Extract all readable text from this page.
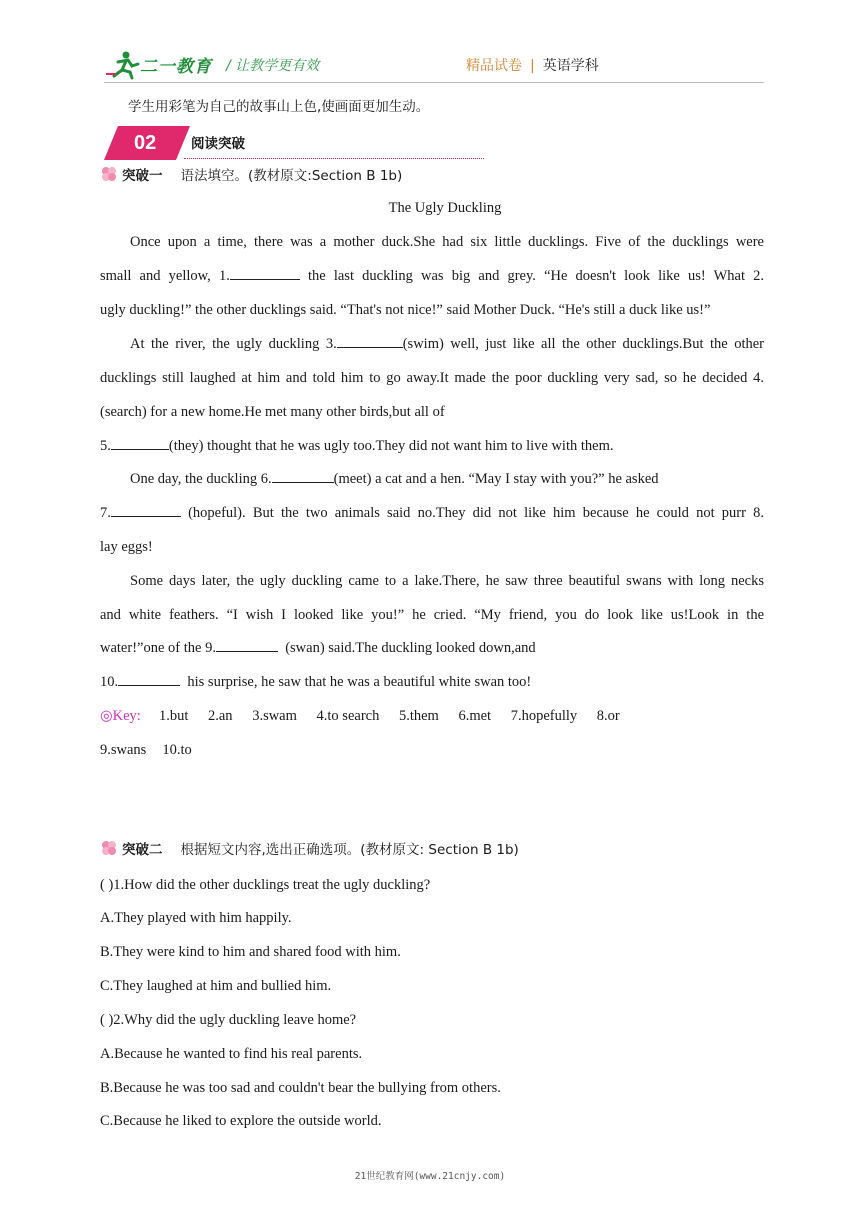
二一教育 / 让教学更有效	精品试卷 | 英语学科
学生用彩笔为自己的故事山上色,使画面更加生动。
02	阅读突破
突破一 语法填空。(教材原文:Section B 1b)
The Ugly Duckling
Once upon a time, there was a mother duck.She had six little ducklings. Five of the ducklings were
small and yellow, 1.	the last duckling was big and grey. “He doesn't look like us! What 2.
ugly duckling!” the other ducklings said. “That's not nice!” said Mother Duck. “He's still a duck like us!”
At the river, the ugly duckling 3.	(swim) well, just like all the other ducklings.But the other
ducklings still laughed at him and told him to go away.It made the poor duckling very sad, so he decided 4.
(search) for a new home.He met many other birds,but all of
5.	(they) thought that he was ugly too.They did not want him to live with them.
One day, the duckling 6.	(meet) a cat and a hen. “May I stay with you?” he asked
7.	(hopeful). But the two animals said no.They did not like him because he could not purr 8.
lay eggs!
Some days later, the ugly duckling came to a lake.There, he saw three beautiful swans with long necks
and white feathers. “I wish I looked like you!” he cried. “My friend, you do look like us!Look in the
water!”one of the 9.	(swan) said.The duckling looked down,and
10.	his surprise, he saw that he was a beautiful white swan too!
◎Key: 1.but 2.an 3.swam 4.to search 5.them 6.met 7.hopefully 8.or
9.swans 10.to
突破二 根据短文内容,选出正确选项。(教材原文: Section B 1b)
( )1.How did the other ducklings treat the ugly duckling?
A.They played with him happily.
B.They were kind to him and shared food with him.
C.They laughed at him and bullied him.
( )2.Why did the ugly duckling leave home?
A.Because he wanted to find his real parents.
B.Because he was too sad and couldn't bear the bullying from others.
C.Because he liked to explore the outside world.
21世纪教育网(www.21cnjy.com)
